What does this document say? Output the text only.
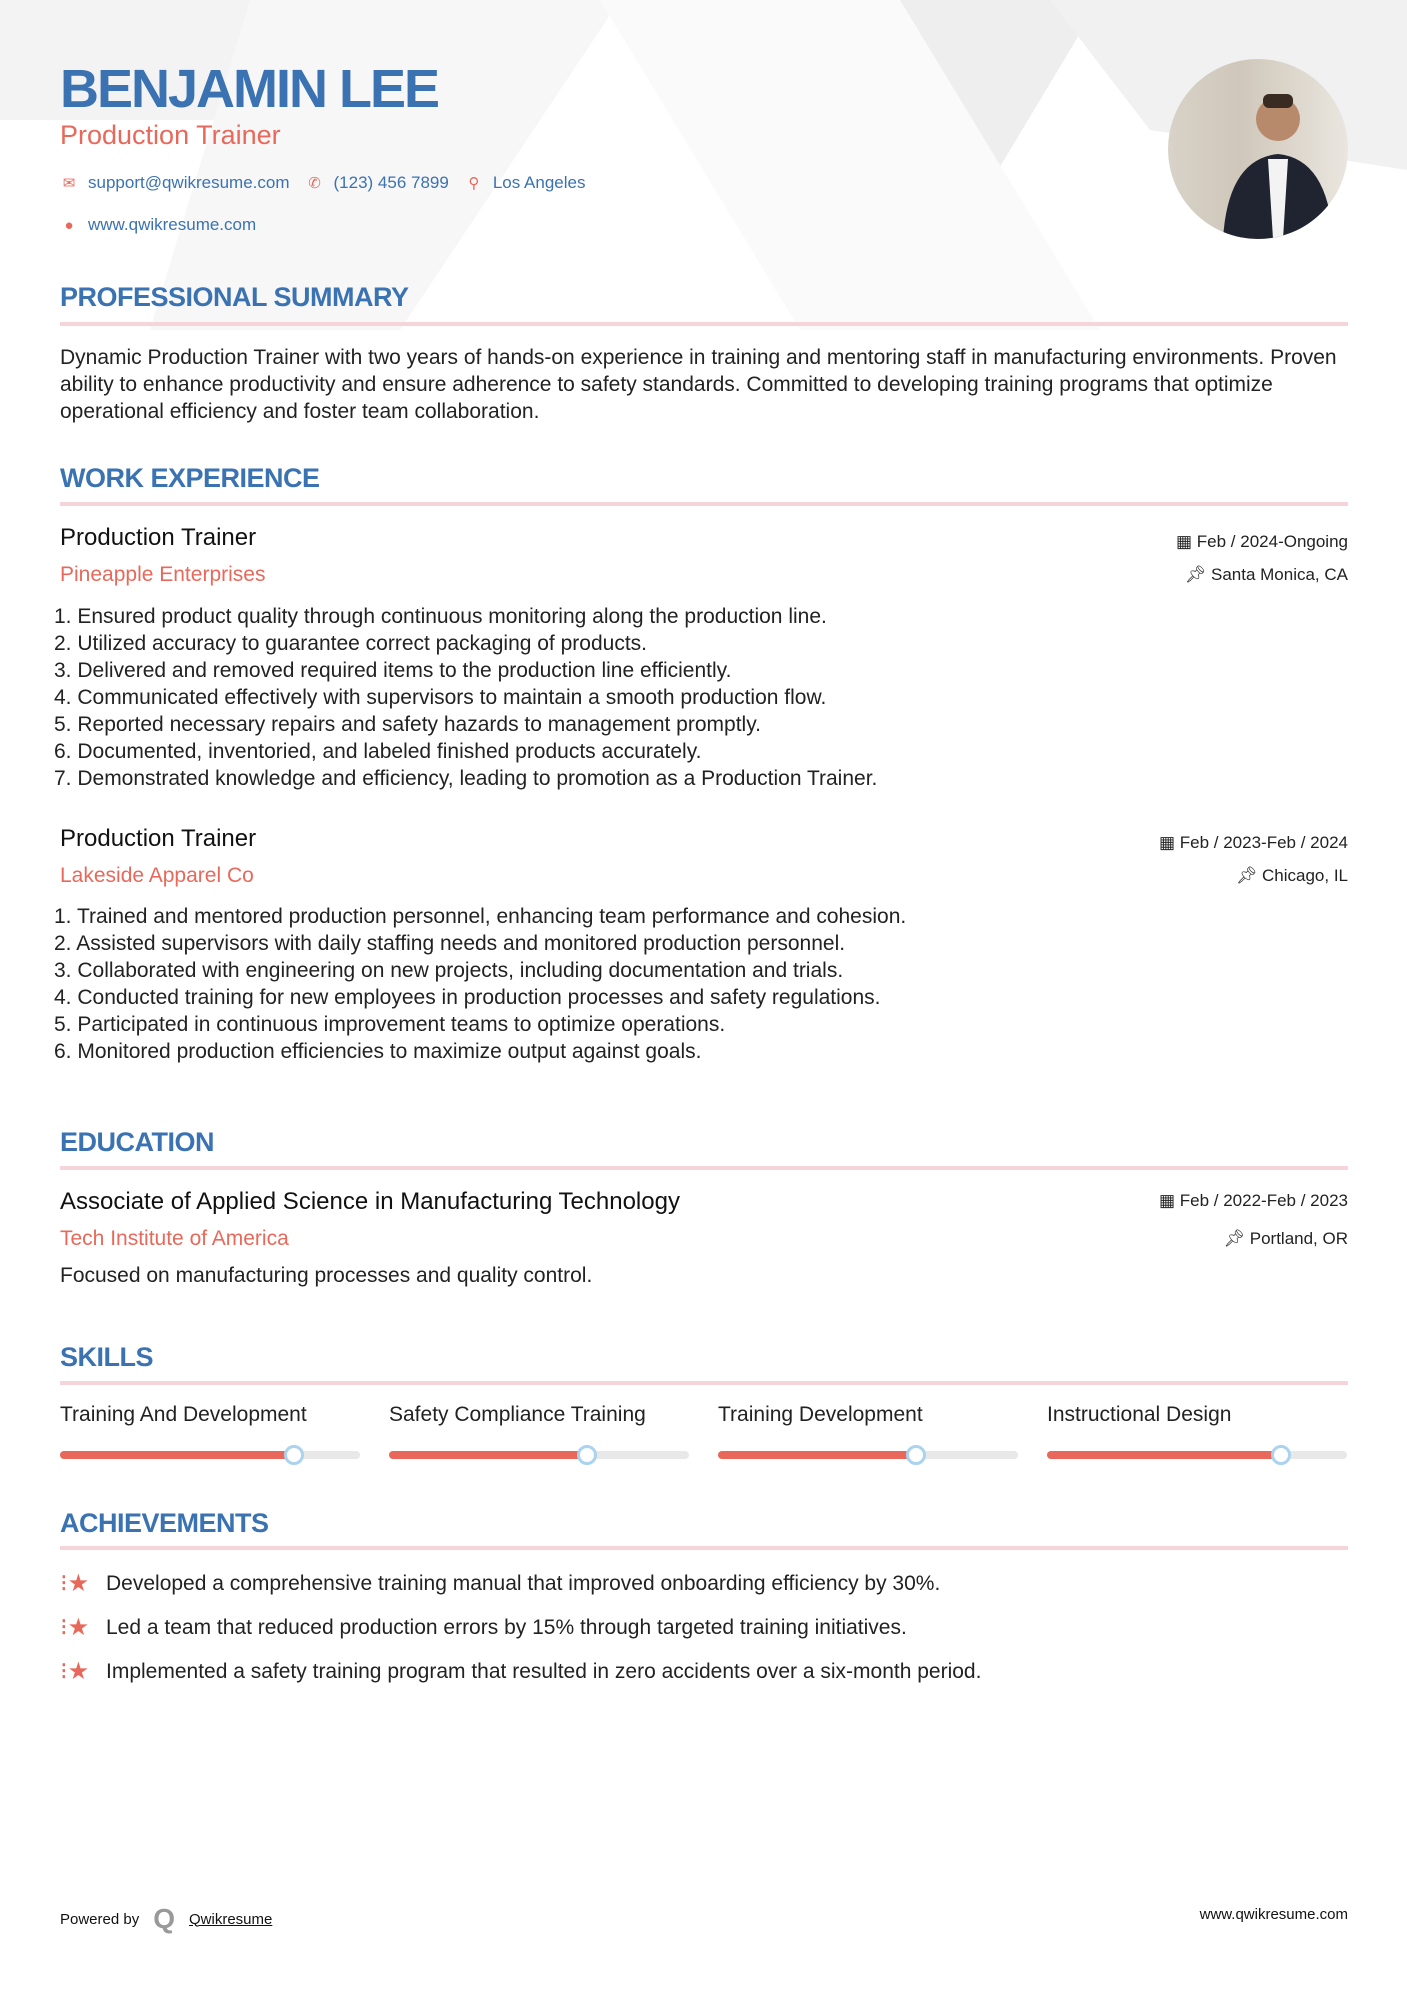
BENJAMIN LEE
Production Trainer
✉ support@qwikresume.com ✆ (123) 456 7899 ⚲ Los Angeles
● www.qwikresume.com
PROFESSIONAL SUMMARY
Dynamic Production Trainer with two years of hands-on experience in training and mentoring staff in manufacturing environments. Proven ability to enhance productivity and ensure adherence to safety standards. Committed to developing training programs that optimize operational efficiency and foster team collaboration.
WORK EXPERIENCE
Production Trainer
Pineapple Enterprises
▦ Feb / 2024-Ongoing
📌︎ Santa Monica, CA
1. Ensured product quality through continuous monitoring along the production line.
2. Utilized accuracy to guarantee correct packaging of products.
3. Delivered and removed required items to the production line efficiently.
4. Communicated effectively with supervisors to maintain a smooth production flow.
5. Reported necessary repairs and safety hazards to management promptly.
6. Documented, inventoried, and labeled finished products accurately.
7. Demonstrated knowledge and efficiency, leading to promotion as a Production Trainer.
Production Trainer
Lakeside Apparel Co
▦ Feb / 2023-Feb / 2024
📌︎ Chicago, IL
1. Trained and mentored production personnel, enhancing team performance and cohesion.
2. Assisted supervisors with daily staffing needs and monitored production personnel.
3. Collaborated with engineering on new projects, including documentation and trials.
4. Conducted training for new employees in production processes and safety regulations.
5. Participated in continuous improvement teams to optimize operations.
6. Monitored production efficiencies to maximize output against goals.
EDUCATION
Associate of Applied Science in Manufacturing Technology
Tech Institute of America
▦ Feb / 2022-Feb / 2023
📌︎ Portland, OR
Focused on manufacturing processes and quality control.
SKILLS
Training And Development	Safety Compliance Training	Training Development	Instructional Design
ACHIEVEMENTS
⁝★ Developed a comprehensive training manual that improved onboarding efficiency by 30%.
⁝★ Led a team that reduced production errors by 15% through targeted training initiatives.
⁝★ Implemented a safety training program that resulted in zero accidents over a six-month period.
Powered by Q Qwikresume	www.qwikresume.com
